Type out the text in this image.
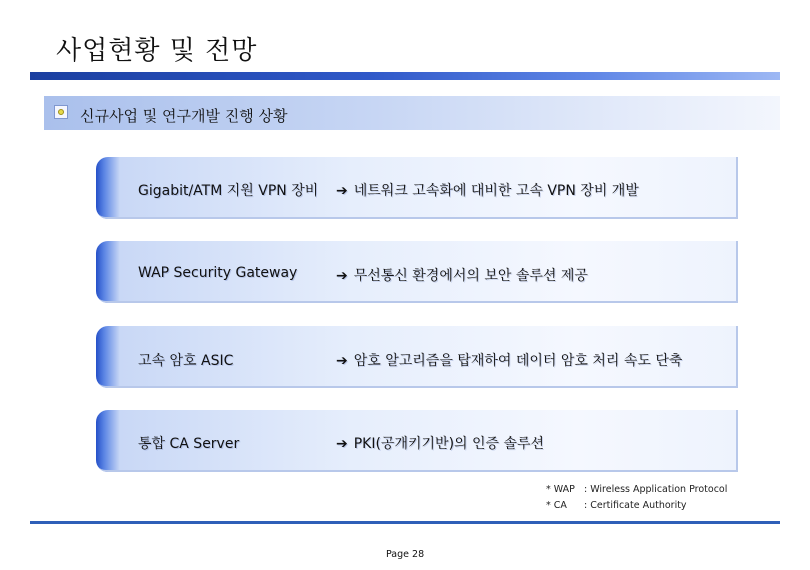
사업현황 및 전망
신규사업 및 연구개발 진행 상황
Gigabit/ATM 지원 VPN 장비 ➔ 네트워크 고속화에 대비한 고속 VPN 장비 개발
WAP Security Gateway	➔ 무선통신 환경에서의 보안 솔루션 제공
고속 암호 ASIC	➔ 암호 알고리즘을 탑재하여 데이터 암호 처리 속도 단축
통합 CA Server	➔ PKI(공개키기반)의 인증 솔루션
* WAP : Wireless Application Protocol
* CA : Certificate Authority
Page 28
